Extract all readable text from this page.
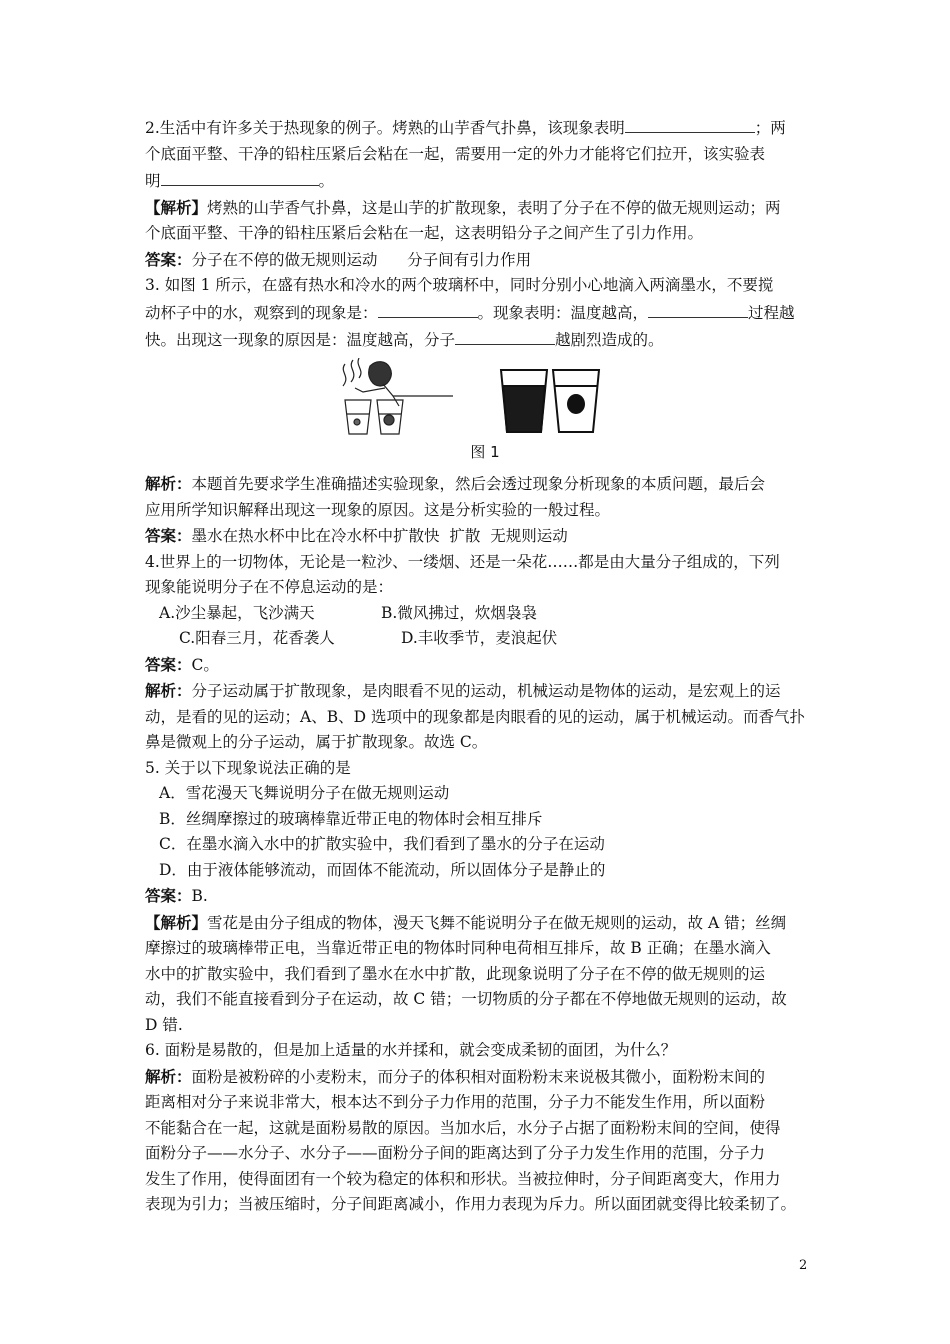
2.生活中有许多关于热现象的例子。烤熟的山芋香气扑鼻，该现象表明	；两

个底面平整、干净的铅柱压紧后会粘在一起，需要用一定的外力才能将它们拉开，该实验表

明	。

【解析】烤熟的山芋香气扑鼻，这是山芋的扩散现象，表明了分子在不停的做无规则运动；两

个底面平整、干净的铅柱压紧后会粘在一起，这表明铅分子之间产生了引力作用。

答案：分子在不停的做无规则运动      分子间有引力作用

3. 如图 1 所示，在盛有热水和冷水的两个玻璃杯中，同时分别小心地滴入两滴墨水，不要搅

动杯子中的水，观察到的现象是：	。现象表明：温度越高，	过程越

快。出现这一现象的原因是：温度越高，分子	越剧烈造成的。

图 1

解析：本题首先要求学生准确描述实验现象，然后会透过现象分析现象的本质问题，最后会

应用所学知识解释出现这一现象的原因。这是分析实验的一般过程。

答案：墨水在热水杯中比在冷水杯中扩散快  扩散  无规则运动

4.世界上的一切物体，无论是一粒沙、一缕烟、还是一朵花……都是由大量分子组成的，下列

现象能说明分子在不停息运动的是：

A.沙尘暴起，飞沙满天	B.微风拂过，炊烟袅袅

C.阳春三月，花香袭人	D.丰收季节，麦浪起伏

答案：C。

解析：分子运动属于扩散现象，是肉眼看不见的运动，机械运动是物体的运动，是宏观上的运

动，是看的见的运动；A、B、D 选项中的现象都是肉眼看的见的运动，属于机械运动。而香气扑

鼻是微观上的分子运动，属于扩散现象。故选 C。

5. 关于以下现象说法正确的是

A．雪花漫天飞舞说明分子在做无规则运动

B．丝绸摩擦过的玻璃棒靠近带正电的物体时会相互排斥

C．在墨水滴入水中的扩散实验中，我们看到了墨水的分子在运动

D．由于液体能够流动，而固体不能流动，所以固体分子是静止的

答案：B.

【解析】雪花是由分子组成的物体，漫天飞舞不能说明分子在做无规则的运动，故 A 错；丝绸

摩擦过的玻璃棒带正电，当靠近带正电的物体时同种电荷相互排斥，故 B 正确；在墨水滴入

水中的扩散实验中，我们看到了墨水在水中扩散，此现象说明了分子在不停的做无规则的运

动，我们不能直接看到分子在运动，故 C 错；一切物质的分子都在不停地做无规则的运动，故

D 错.

6. 面粉是易散的，但是加上适量的水并揉和，就会变成柔韧的面团，为什么？

解析：面粉是被粉碎的小麦粉末，而分子的体积相对面粉粉末来说极其微小，面粉粉末间的

距离相对分子来说非常大，根本达不到分子力作用的范围，分子力不能发生作用，所以面粉

不能黏合在一起，这就是面粉易散的原因。当加水后，水分子占据了面粉粉末间的空间，使得

面粉分子——水分子、水分子——面粉分子间的距离达到了分子力发生作用的范围，分子力

发生了作用，使得面团有一个较为稳定的体积和形状。当被拉伸时，分子间距离变大，作用力

表现为引力；当被压缩时，分子间距离减小，作用力表现为斥力。所以面团就变得比较柔韧了。

2
